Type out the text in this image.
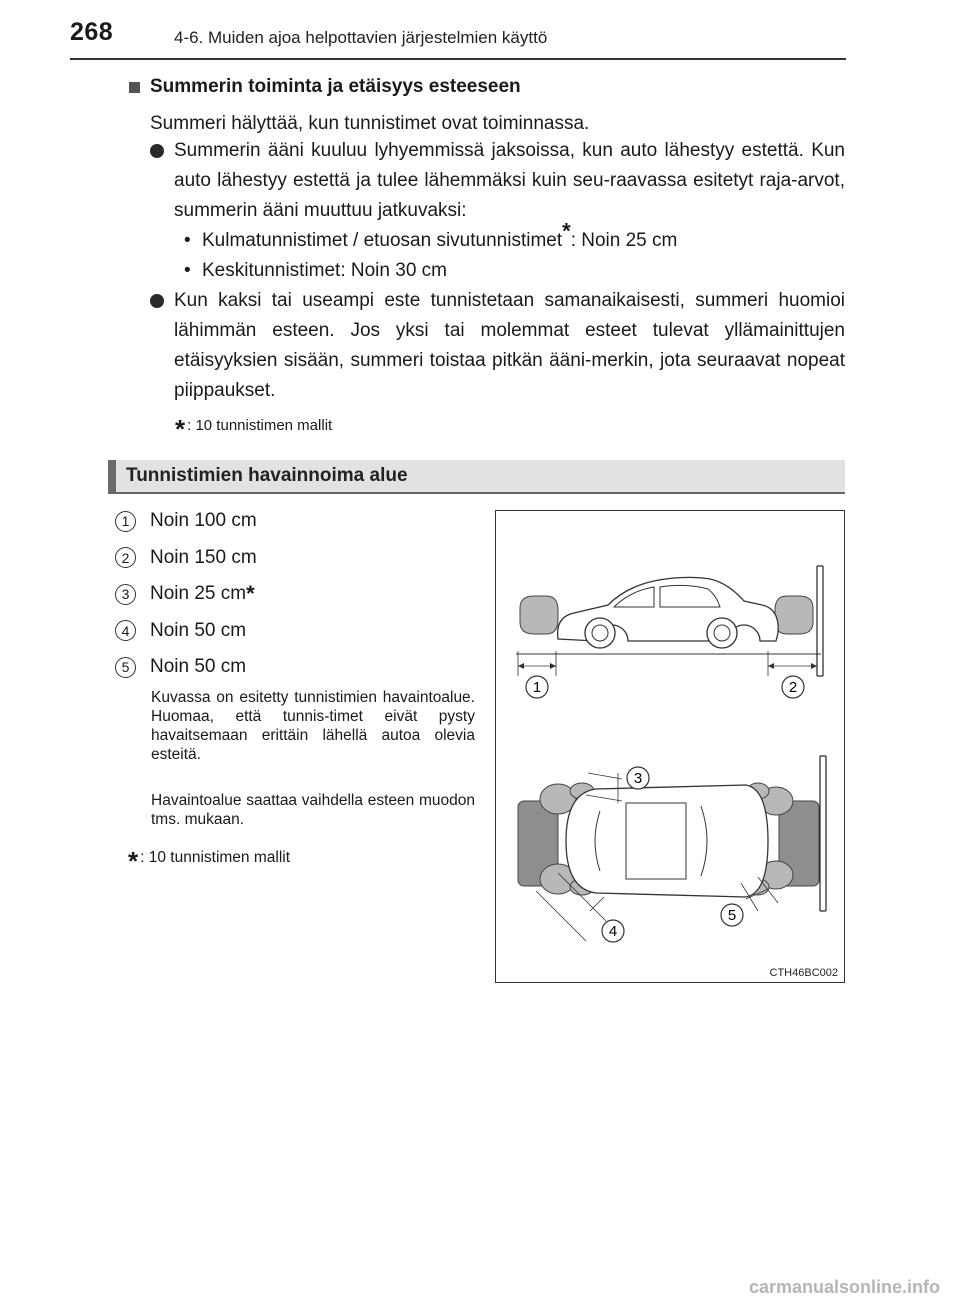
268	4-6. Muiden ajoa helpottavien järjestelmien käyttö
Summerin toiminta ja etäisyys esteeseen
Summeri hälyttää, kun tunnistimet ovat toiminnassa.
Summerin ääni kuuluu lyhyemmissä jaksoissa, kun auto lähestyy estettä. Kun auto lähestyy estettä ja tulee lähemmäksi kuin seu-raavassa esitetyt raja-arvot, summerin ääni muuttuu jatkuvaksi:
• Kulmatunnistimet / etuosan sivutunnistimet*: Noin 25 cm
• Keskitunnistimet: Noin 30 cm
Kun kaksi tai useampi este tunnistetaan samanaikaisesti, summeri huomioi lähimmän esteen. Jos yksi tai molemmat esteet tulevat yllämainittujen etäisyyksien sisään, summeri toistaa pitkän ääni-merkin, jota seuraavat nopeat piippaukset.
* : 10 tunnistimen mallit
Tunnistimien havainnoima alue
1	Noin 100 cm
2	Noin 150 cm
3	Noin 25 cm *
4	Noin 50 cm
5	Noin 50 cm
Kuvassa on esitetty tunnistimien havaintoalue. Huomaa, että tunnis-timet eivät pysty havaitsemaan erittäin lähellä autoa olevia esteitä.
Havaintoalue saattaa vaihdella esteen muodon tms. mukaan.
* : 10 tunnistimen mallit
1	2
3
4
5
CTH46BC002
carmanualsonline.info
